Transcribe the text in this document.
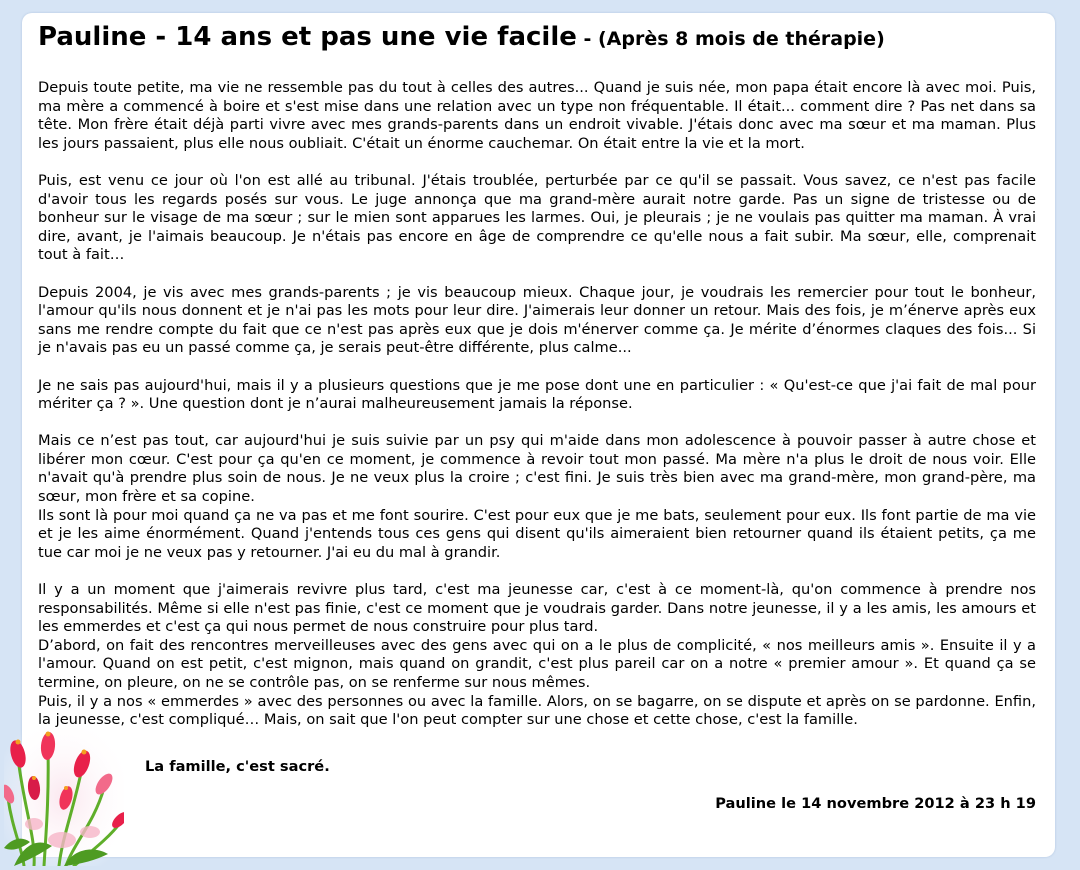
Pauline - 14 ans et pas une vie facile - (Après 8 mois de thérapie)

Depuis toute petite, ma vie ne ressemble pas du tout à celles des autres... Quand je suis née, mon papa était encore là avec moi. Puis, ma mère a commencé à boire et s'est mise dans une relation avec un type non fréquentable. Il était... comment dire ? Pas net dans sa tête. Mon frère était déjà parti vivre avec mes grands-parents dans un endroit vivable. J'étais donc avec ma sœur et ma maman. Plus les jours passaient, plus elle nous oubliait. C'était un énorme cauchemar. On était entre la vie et la mort.

Puis, est venu ce jour où l'on est allé au tribunal. J'étais troublée, perturbée par ce qu'il se passait. Vous savez, ce n'est pas facile d'avoir tous les regards posés sur vous. Le juge annonça que ma grand-mère aurait notre garde. Pas un signe de tristesse ou de bonheur sur le visage de ma sœur ; sur le mien sont apparues les larmes. Oui, je pleurais ; je ne voulais pas quitter ma maman. À vrai dire, avant, je l'aimais beaucoup. Je n'étais pas encore en âge de comprendre ce qu'elle nous a fait subir. Ma sœur, elle, comprenait tout à fait…

Depuis 2004, je vis avec mes grands-parents ; je vis beaucoup mieux. Chaque jour, je voudrais les remercier pour tout le bonheur, l'amour qu'ils nous donnent et je n'ai pas les mots pour leur dire. J'aimerais leur donner un retour. Mais des fois, je m’énerve après eux sans me rendre compte du fait que ce n'est pas après eux que je dois m'énerver comme ça. Je mérite d’énormes claques des fois... Si je n'avais pas eu un passé comme ça, je serais peut-être différente, plus calme...

Je ne sais pas aujourd'hui, mais il y a plusieurs questions que je me pose dont une en particulier : « Qu'est-ce que j'ai fait de mal pour mériter ça ? ». Une question dont je n’aurai malheureusement jamais la réponse.

Mais ce n’est pas tout, car aujourd'hui je suis suivie par un psy qui m'aide dans mon adolescence à pouvoir passer à autre chose et libérer mon cœur. C'est pour ça qu'en ce moment, je commence à revoir tout mon passé. Ma mère n'a plus le droit de nous voir. Elle n'avait qu'à prendre plus soin de nous. Je ne veux plus la croire ; c'est fini. Je suis très bien avec ma grand-mère, mon grand-père, ma sœur, mon frère et sa copine.

Ils sont là pour moi quand ça ne va pas et me font sourire. C'est pour eux que je me bats, seulement pour eux. Ils font partie de ma vie et je les aime énormément. Quand j'entends tous ces gens qui disent qu'ils aimeraient bien retourner quand ils étaient petits, ça me tue car moi je ne veux pas y retourner. J'ai eu du mal à grandir.

Il y a un moment que j'aimerais revivre plus tard, c'est ma jeunesse car, c'est à ce moment-là, qu'on commence à prendre nos responsabilités. Même si elle n'est pas finie, c'est ce moment que je voudrais garder. Dans notre jeunesse, il y a les amis, les amours et les emmerdes et c'est ça qui nous permet de nous construire pour plus tard.

D’abord, on fait des rencontres merveilleuses avec des gens avec qui on a le plus de complicité, « nos meilleurs amis ». Ensuite il y a l'amour. Quand on est petit, c'est mignon, mais quand on grandit, c'est plus pareil car on a notre « premier amour ». Et quand ça se termine, on pleure, on ne se contrôle pas, on se renferme sur nous mêmes.

Puis, il y a nos « emmerdes » avec des personnes ou avec la famille. Alors, on se bagarre, on se dispute et après on se pardonne. Enfin, la jeunesse, c'est compliqué… Mais, on sait que l'on peut compter sur une chose et cette chose, c'est la famille.

La famille, c'est sacré.
Pauline le 14 novembre 2012 à 23 h 19
